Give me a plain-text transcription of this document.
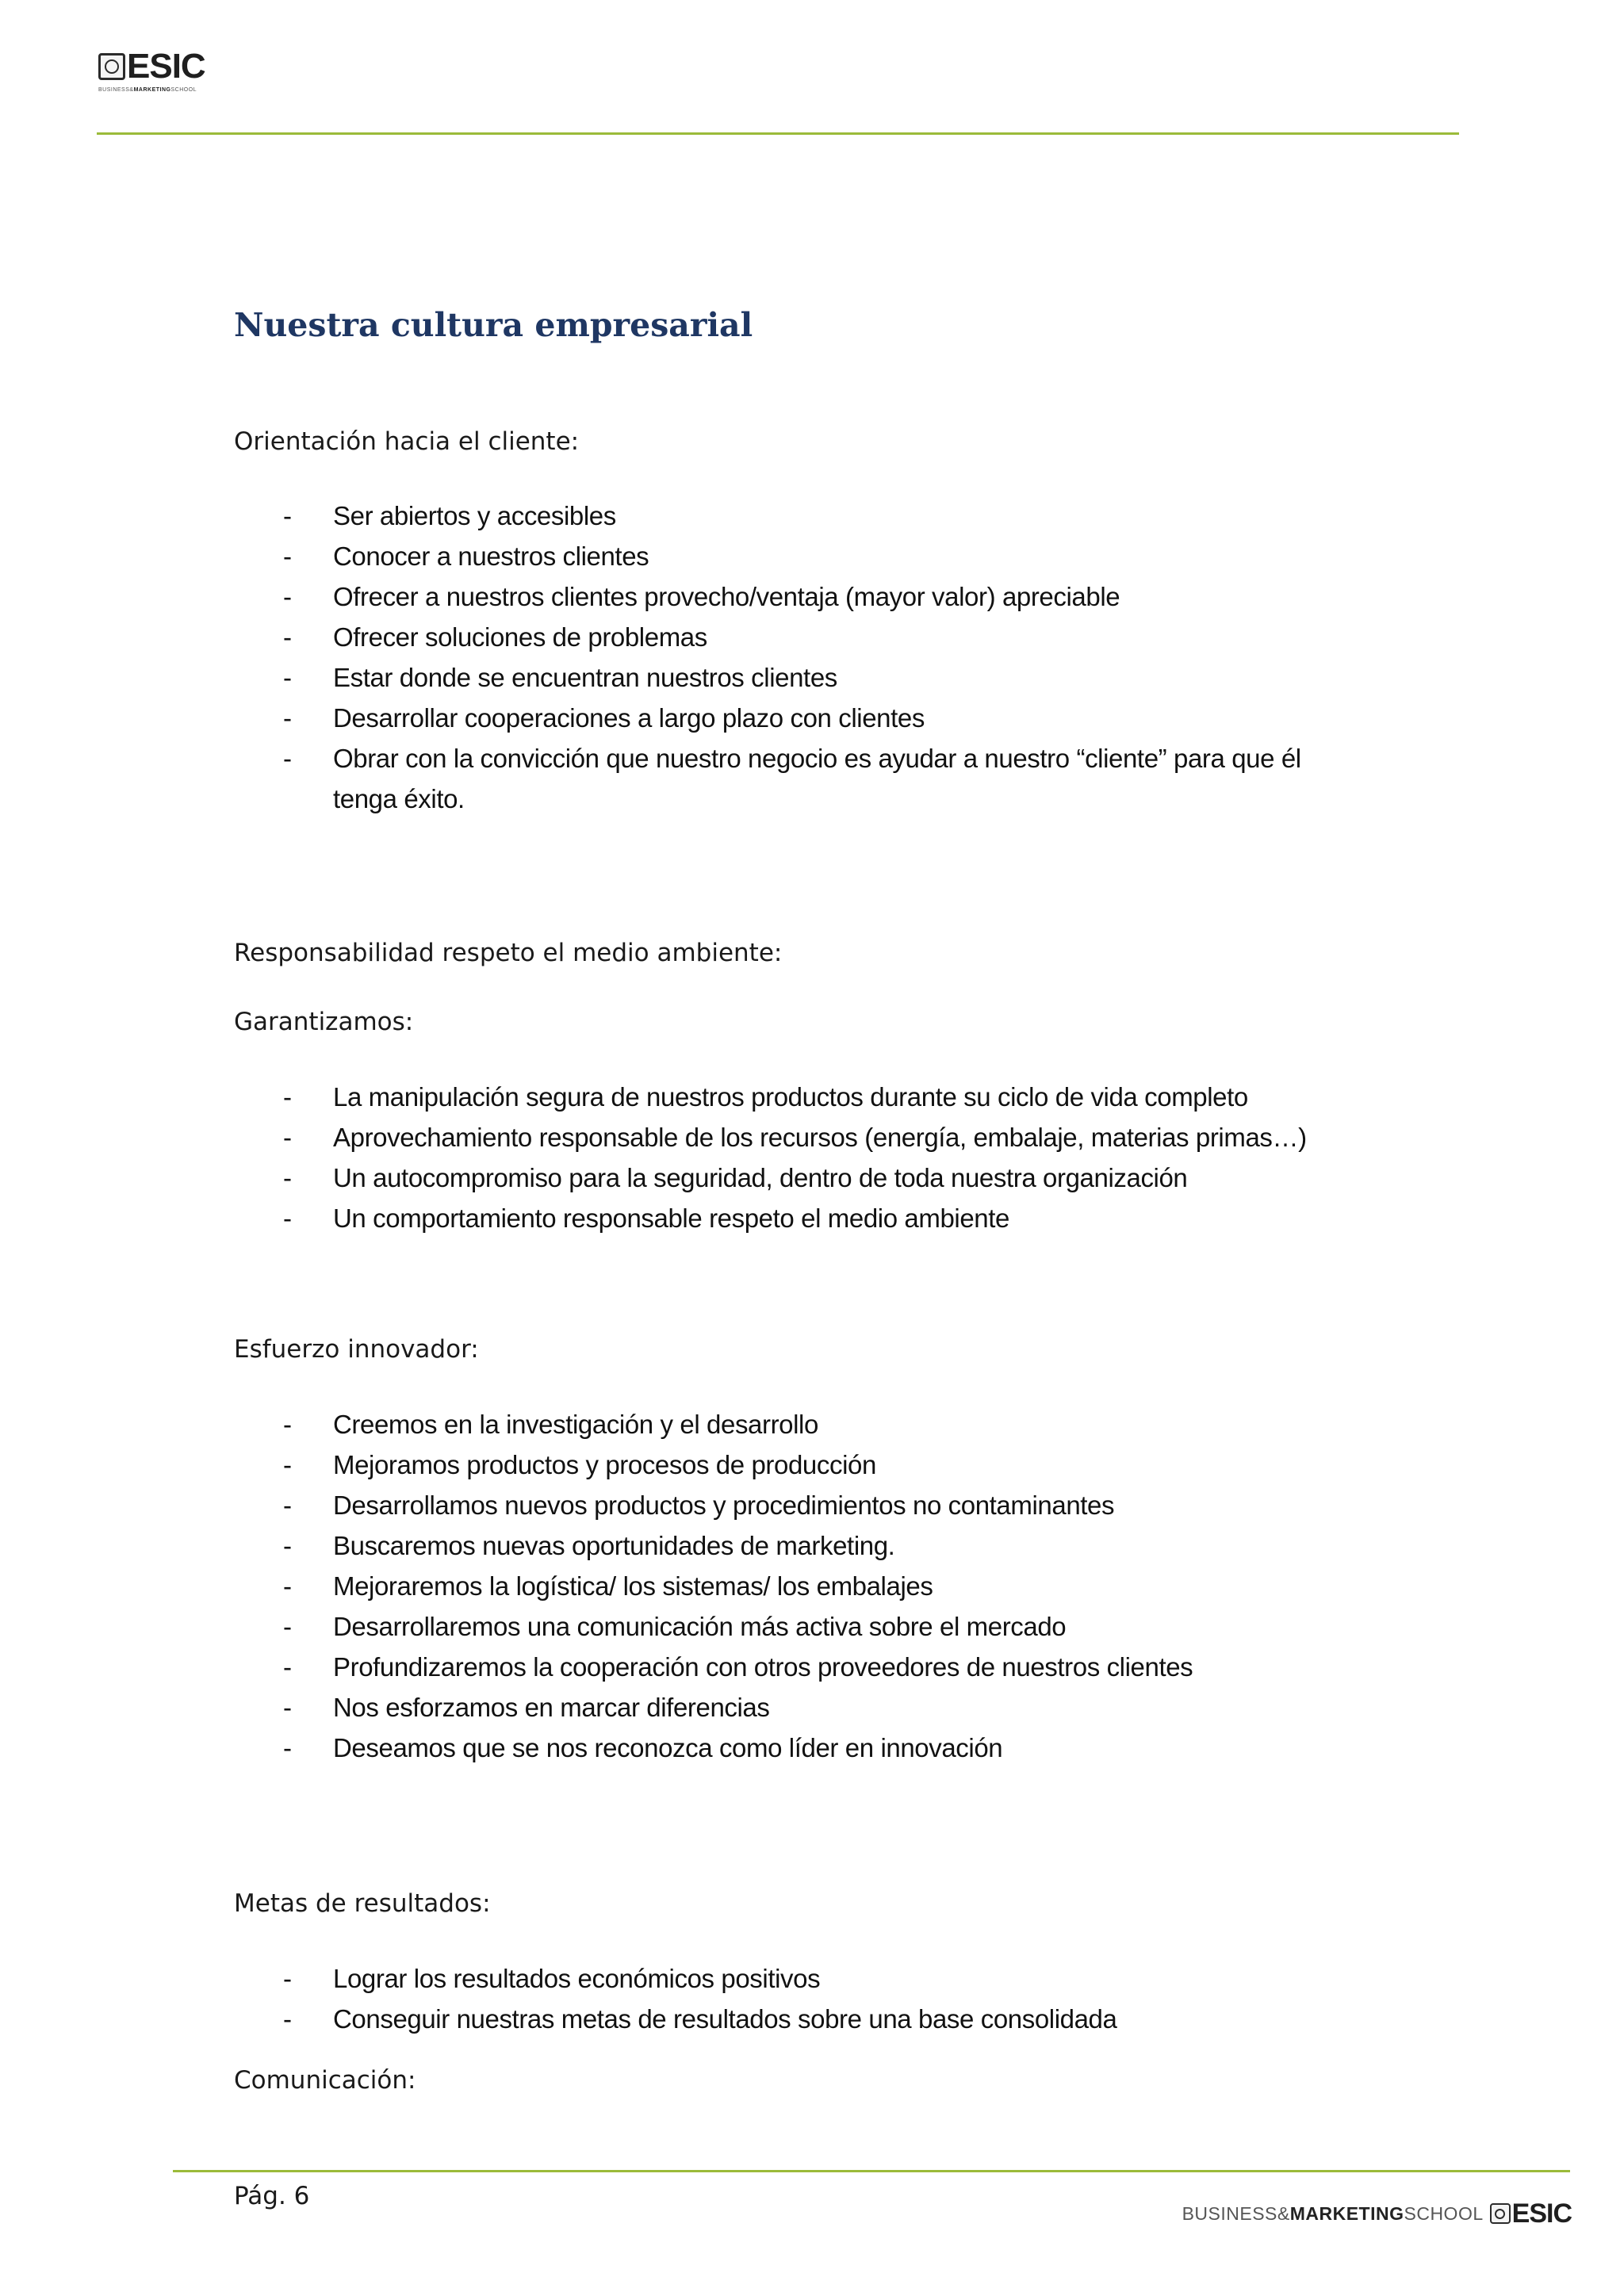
ESIC
BUSINESS&MARKETINGSCHOOL
Nuestra cultura empresarial
Orientación hacia el cliente:
- Ser abiertos y accesibles
- Conocer a nuestros clientes
- Ofrecer a nuestros clientes provecho/ventaja (mayor valor) apreciable
- Ofrecer soluciones de problemas
- Estar donde se encuentran nuestros clientes
- Desarrollar cooperaciones a largo plazo con clientes
- Obrar con la convicción que nuestro negocio es ayudar a nuestro “cliente” para que él tenga éxito.
Responsabilidad respeto el medio ambiente:
Garantizamos:
- La manipulación segura de nuestros productos durante su ciclo de vida completo
- Aprovechamiento responsable de los recursos (energía, embalaje, materias primas…)
- Un autocompromiso para la seguridad, dentro de toda nuestra organización
- Un comportamiento responsable respeto el medio ambiente
Esfuerzo innovador:
- Creemos en la investigación y el desarrollo
- Mejoramos productos y procesos de producción
- Desarrollamos nuevos productos y procedimientos no contaminantes
- Buscaremos nuevas oportunidades de marketing.
- Mejoraremos la logística/ los sistemas/ los embalajes
- Desarrollaremos una comunicación más activa sobre el mercado
- Profundizaremos la cooperación con otros proveedores de nuestros clientes
- Nos esforzamos en marcar diferencias
- Deseamos que se nos reconozca como líder en innovación
Metas de resultados:
- Lograr los resultados económicos positivos
- Conseguir nuestras metas de resultados sobre una base consolidada
Comunicación:
Pág. 6
BUSINESS&MARKETINGSCHOOL ESIC
